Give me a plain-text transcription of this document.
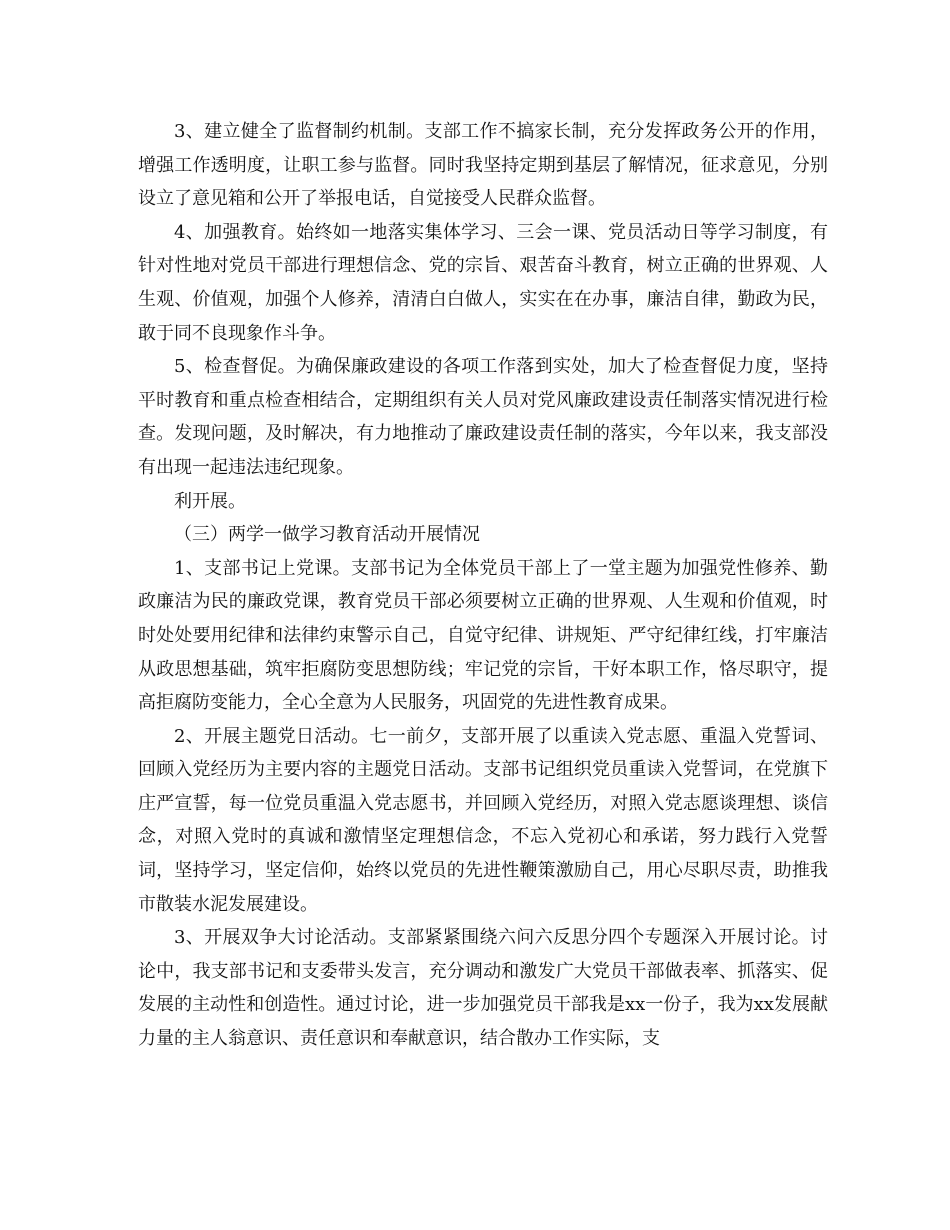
3、建立健全了监督制约机制。支部工作不搞家长制，充分发挥政务公开的作用，增强工作透明度，让职工参与监督。同时我坚持定期到基层了解情况，征求意见，分别设立了意见箱和公开了举报电话，自觉接受人民群众监督。

4、加强教育。始终如一地落实集体学习、三会一课、党员活动日等学习制度，有针对性地对党员干部进行理想信念、党的宗旨、艰苦奋斗教育，树立正确的世界观、人生观、价值观，加强个人修养，清清白白做人，实实在在办事，廉洁自律，勤政为民，敢于同不良现象作斗争。

5、检查督促。为确保廉政建设的各项工作落到实处，加大了检查督促力度，坚持平时教育和重点检查相结合，定期组织有关人员对党风廉政建设责任制落实情况进行检查。发现问题，及时解决，有力地推动了廉政建设责任制的落实，今年以来，我支部没有出现一起违法违纪现象。

利开展。

（三）两学一做学习教育活动开展情况

1、支部书记上党课。支部书记为全体党员干部上了一堂主题为加强党性修养、勤政廉洁为民的廉政党课，教育党员干部必须要树立正确的世界观、人生观和价值观，时时处处要用纪律和法律约束警示自己，自觉守纪律、讲规矩、严守纪律红线，打牢廉洁从政思想基础，筑牢拒腐防变思想防线；牢记党的宗旨，干好本职工作，恪尽职守，提高拒腐防变能力，全心全意为人民服务，巩固党的先进性教育成果。

2、开展主题党日活动。七一前夕，支部开展了以重读入党志愿、重温入党誓词、回顾入党经历为主要内容的主题党日活动。支部书记组织党员重读入党誓词，在党旗下庄严宣誓，每一位党员重温入党志愿书，并回顾入党经历，对照入党志愿谈理想、谈信念，对照入党时的真诚和激情坚定理想信念，不忘入党初心和承诺，努力践行入党誓词，坚持学习，坚定信仰，始终以党员的先进性鞭策激励自己，用心尽职尽责，助推我市散装水泥发展建设。

3、开展双争大讨论活动。支部紧紧围绕六问六反思分四个专题深入开展讨论。讨论中，我支部书记和支委带头发言，充分调动和激发广大党员干部做表率、抓落实、促发展的主动性和创造性。通过讨论，进一步加强党员干部我是xx一份子，我为xx发展献力量的主人翁意识、责任意识和奉献意识，结合散办工作实际，支
